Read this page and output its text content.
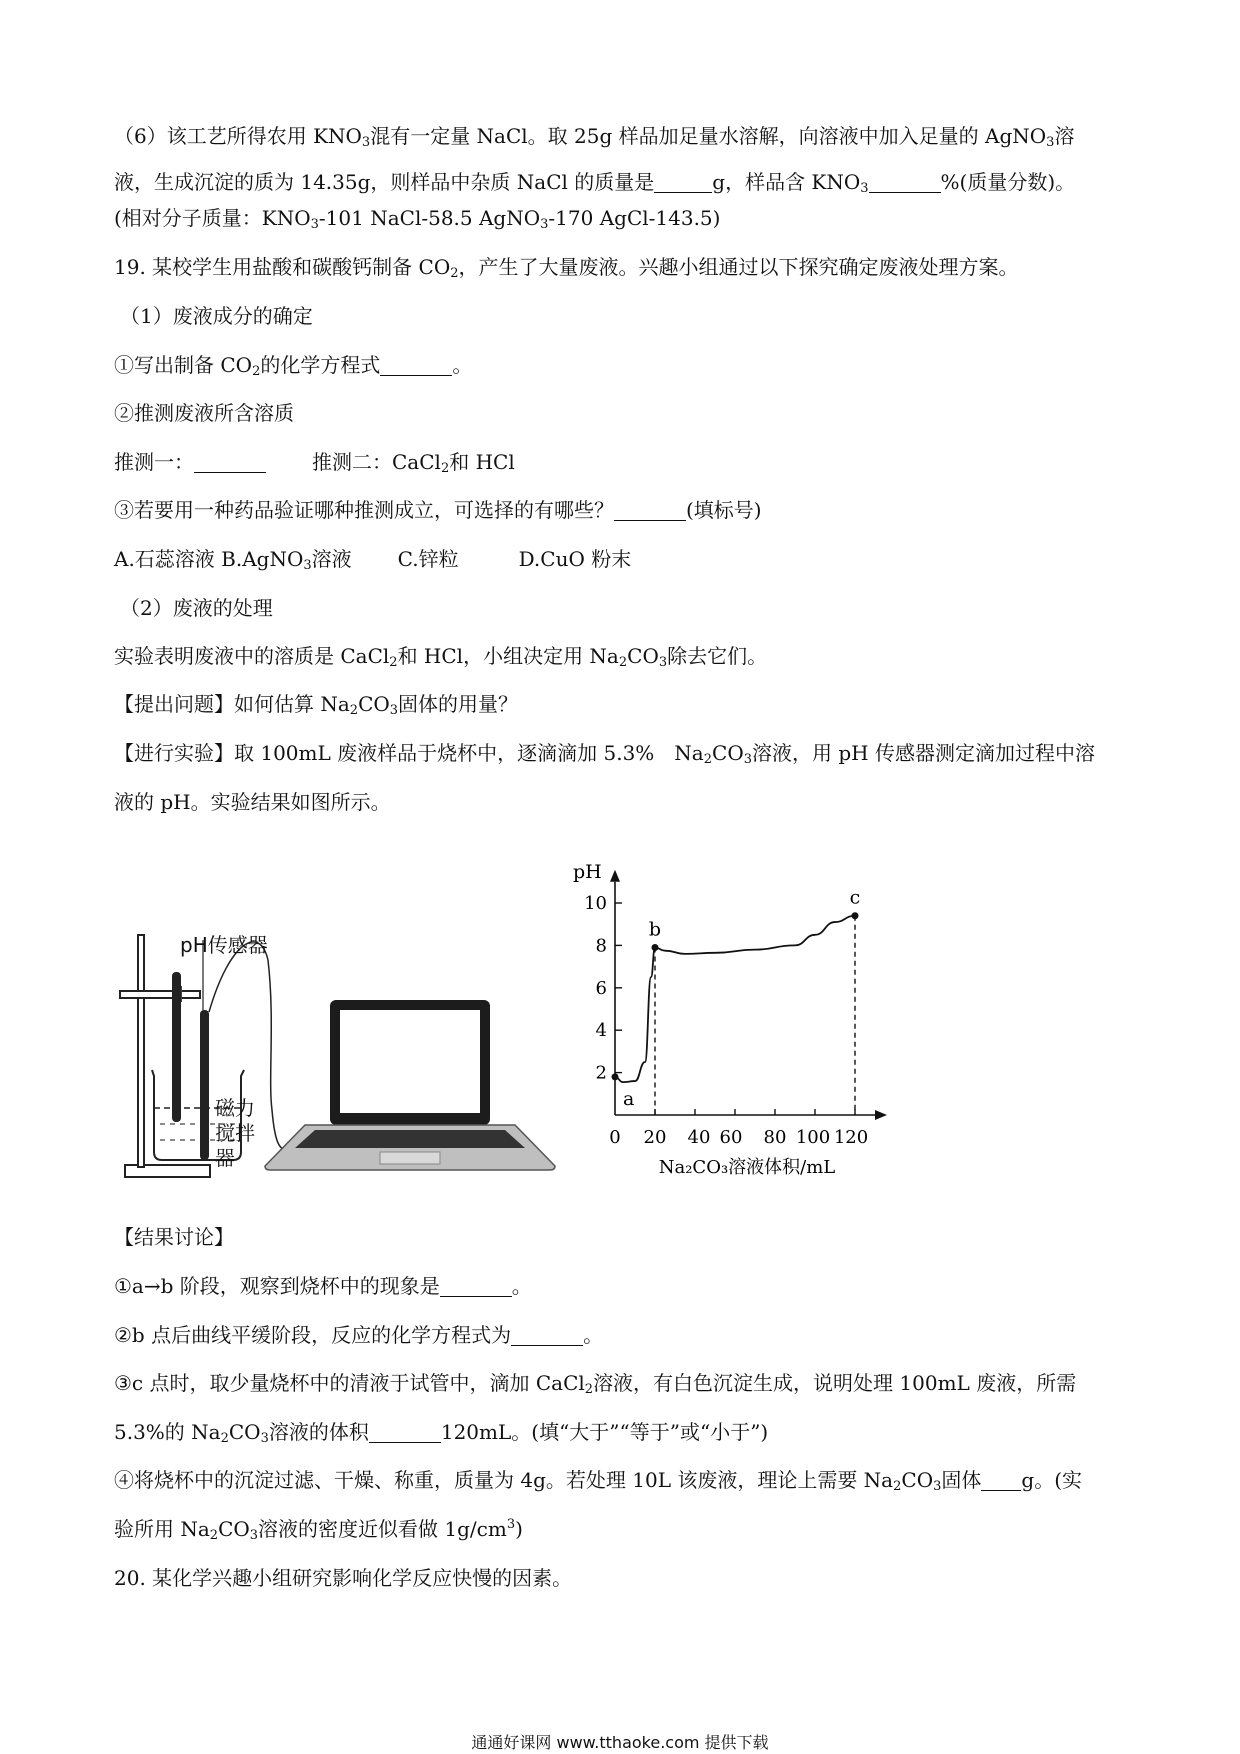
（6）该工艺所得农用 $KNO_3$混有一定量 NaCl。取 25g 样品加足量水溶解，向溶液中加入足量的 AgNO$_3$溶
液，生成沉淀的质为 14.35g，则样品中杂质 NaCl 的质量是	g，样品含 $KNO_3$	%(质量分数)。
(相对分子质量：$KNO_3-101$ NaCl-58.5 AgNO$_3$-170 AgCl-143.5)
19. 某校学生用盐酸和碳酸钙制备 $CO_2$，产生了大量废液。兴趣小组通过以下探究确定废液处理方案。
（1）废液成分的确定
①写出制备 $CO_2$的化学方程式	。
②推测废液所含溶质
推测一：	推测二：CaCl$_2$和 HCl
③若要用一种药品验证哪种推测成立，可选择的有哪些？	(填标号)
A.石蕊溶液 B.AgNO$_3$溶液 C.锌粒	D.CuO 粉末
（2）废液的处理
实验表明废液中的溶质是 CaCl$_2$和 HCl，小组决定用 $Na_2CO_3$除去它们。
【提出问题】如何估算 $Na_2CO_3$固体的用量？
【进行实验】取 100mL 废液样品于烧杯中，逐滴滴加 5.3%　$Na_2CO_3$溶液，用 pH 传感器测定滴加过程中溶
液的 pH。实验结果如图所示。
pH传感器
磁力
搅拌
器
pH
2
4
6
8
10
0 20 40 60 80 100 120
Na₂CO₃溶液体积/mL
a
b
c
【结果讨论】
①a→b 阶段，观察到烧杯中的现象是	。
②b 点后曲线平缓阶段，反应的化学方程式为	。
③c 点时，取少量烧杯中的清液于试管中，滴加 CaCl$_2$溶液，有白色沉淀生成，说明处理 100mL 废液，所需
5.3%的 $Na_2CO_3$溶液的体积	120mL。(填“大于”“等于”或“小于”)
④将烧杯中的沉淀过滤、干燥、称重，质量为 4g。若处理 10L 该废液，理论上需要 $Na_2CO_3$固体 g。(实
验所用 $Na_2CO_3$溶液的密度近似看做 $1g/cm^3$)
20. 某化学兴趣小组研究影响化学反应快慢的因素。
通通好课网 www.tthaoke.com 提供下载
